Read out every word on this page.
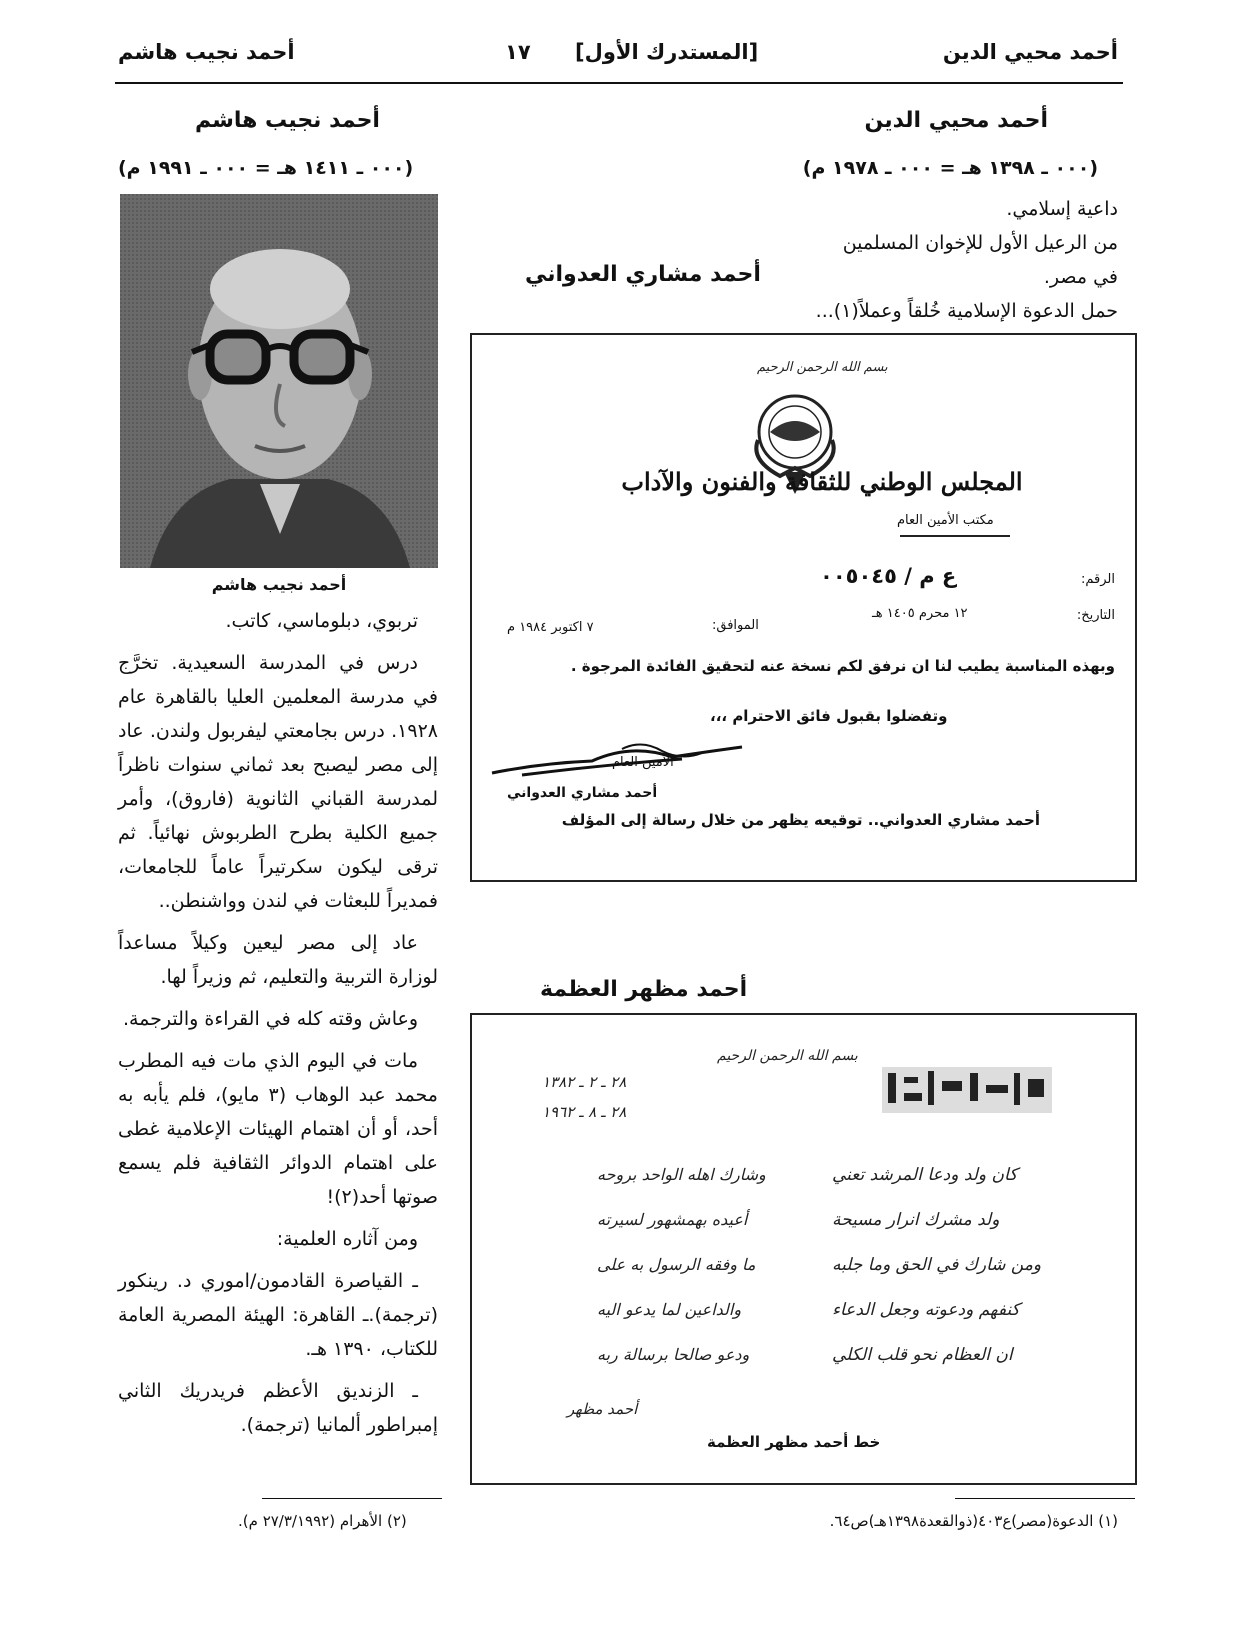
أحمد محيي الدين
١٧ [المستدرك الأول]
أحمد نجيب هاشم
أحمد محيي الدين
(٠٠٠ ـ ١٣٩٨ هـ = ٠٠٠ ـ ١٩٧٨ م)

داعية إسلامي.

من الرعيل الأول للإخوان المسلمين

في مصر.

حمل الدعوة الإسلامية خُلقاً وعملاً(١)...

أحمد مشاري العدواني
بسم الله الرحمن الرحيم
المجلس الوطني للثقافة والفنون والآداب
مكتب الأمين العام
الرقم:
ع م / ٠٠٥٠٤٥
التاريخ:
١٢ محرم ١٤٠٥ هـ
الموافق:
٧ اكتوبر ١٩٨٤ م
وبهذه المناسبة يطيب لنا ان نرفق لكم نسخة عنه لتحقيق الفائدة المرجوة .
وتفضلوا بقبول فائق الاحترام ،،،
الأمين العام
أحمد مشاري العدواني
أحمد مشاري العدواني.. توقيعه يظهر من خلال رسالة إلى المؤلف
أحمد مظهر العظمة
بسم الله الرحمن الرحيم
٢٨ ـ ٢ ـ ١٣٨٢
٢٨ ـ ٨ ـ ١٩٦٢
وشارك اهله الواحد بروحه
أعيده بهمشهور لسيرته
ما وفقه الرسول به على
والداعين لما يدعو اليه
ودعو صالحا برسالة ربه
كان ولد ودعا المرشد تعني
ولد مشرك انرار مسيحة
ومن شارك في الحق وما جلبه
كنفهم ودعوته وجعل الدعاء
ان العظام نحو قلب الكلي
أحمد مظهر
خط أحمد مظهر العظمة
أحمد نجيب هاشم
(٠٠٠ ـ ١٤١١ هـ = ٠٠٠ ـ ١٩٩١ م)
أحمد نجيب هاشم

تربوي، دبلوماسي، كاتب.

درس في المدرسة السعيدية. تخرَّج في مدرسة المعلمين العليا بالقاهرة عام ١٩٢٨. درس بجامعتي ليفربول ولندن. عاد إلى مصر ليصبح بعد ثماني سنوات ناظراً لمدرسة القباني الثانوية (فاروق)، وأمر جميع الكلية بطرح الطربوش نهائياً. ثم ترقى ليكون سكرتيراً عاماً للجامعات، فمديراً للبعثات في لندن وواشنطن..

عاد إلى مصر ليعين وكيلاً مساعداً لوزارة التربية والتعليم، ثم وزيراً لها.

وعاش وقته كله في القراءة والترجمة.

مات في اليوم الذي مات فيه المطرب محمد عبد الوهاب (٣ مايو)، فلم يأبه به أحد، أو أن اهتمام الهيئات الإعلامية غطى على اهتمام الدوائر الثقافية فلم يسمع صوتها أحد(٢)!

ومن آثاره العلمية:

ـ القياصرة القادمون/اموري د. رينكور (ترجمة).ـ القاهرة: الهيئة المصرية العامة للكتاب، ١٣٩٠ هـ.

ـ الزنديق الأعظم فريدريك الثاني إمبراطور ألمانيا (ترجمة).

(١) الدعوة(مصر)ع٤٠٣(ذوالقعدة١٣٩٨هـ)ص٦٤.
(٢) الأهرام (٢٧/٣/١٩٩٢ م).
